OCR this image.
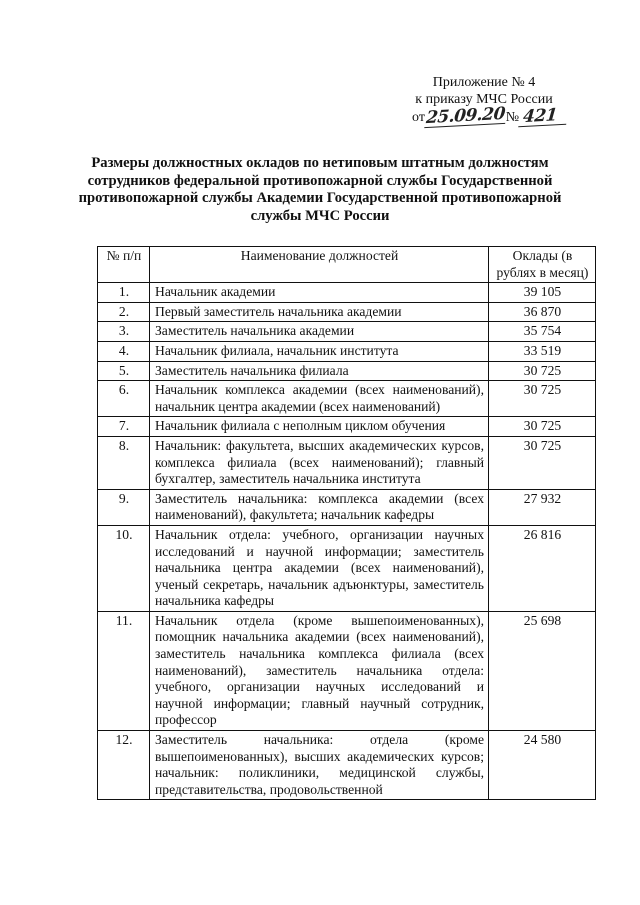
Приложение № 4
к приказу МЧС России
от25.09.20№ 421
Размеры должностных окладов по нетиповым штатным должностям сотрудников федеральной противопожарной службы Государственной противопожарной службы Академии Государственной противопожарной службы МЧС России
№ п/п	Наименование должностей	Оклады (в рублях в месяц)
1.	Начальник академии	39 105
2.	Первый заместитель начальника академии	36 870
3.	Заместитель начальника академии	35 754
4.	Начальник филиала, начальник института	33 519
5.	Заместитель начальника филиала	30 725
6.	Начальник комплекса академии (всех наименований), начальник центра академии (всех наименований)	30 725
7.	Начальник филиала с неполным циклом обучения	30 725
8.	Начальник: факультета, высших академических курсов, комплекса филиала (всех наименований); главный бухгалтер, заместитель начальника института	30 725
9.	Заместитель начальника: комплекса академии (всех наименований), факультета; начальник кафедры	27 932
10.	Начальник отдела: учебного, организации научных исследований и научной информации; заместитель начальника центра академии (всех наименований), ученый секретарь, начальник адъюнктуры, заместитель начальника кафедры	26 816
11.	Начальник отдела (кроме вышепоименованных), помощник начальника академии (всех наименований), заместитель начальника комплекса филиала (всех наименований), заместитель начальника отдела: учебного, организации научных исследований и научной информации; главный научный сотрудник, профессор	25 698
12.	Заместитель начальника: отдела (кроме вышепоименованных), высших академических курсов; начальник: поликлиники, медицинской службы, представительства, продовольственной	24 580
